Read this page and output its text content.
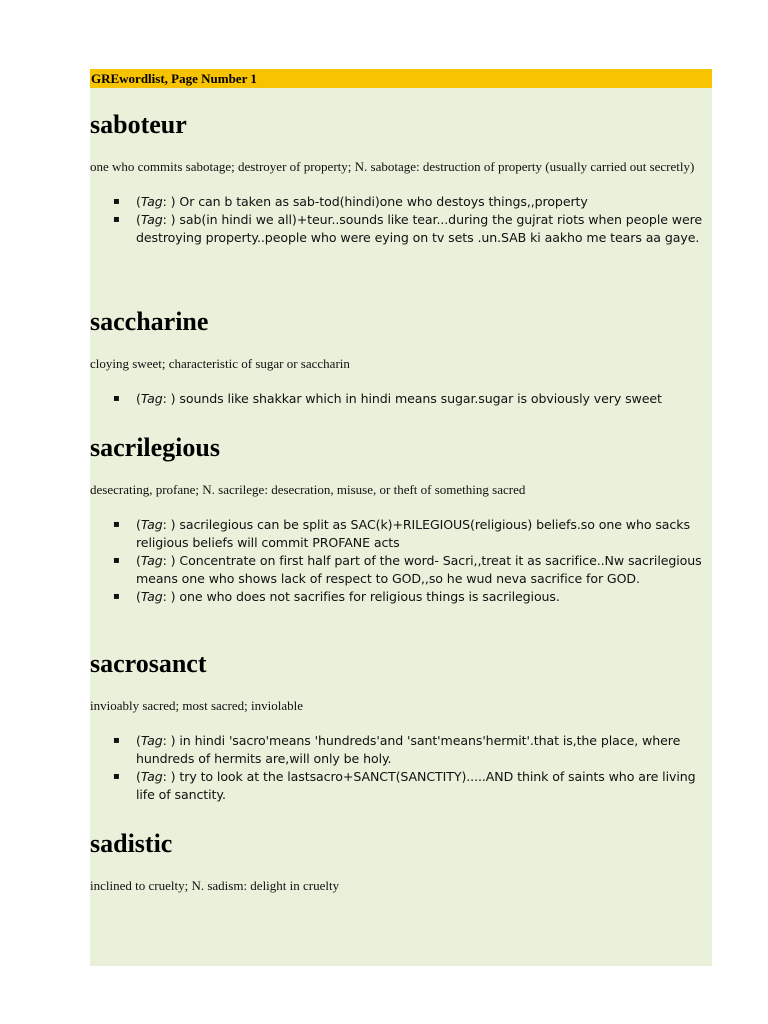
GREwordlist, Page Number 1
saboteur

one who commits sabotage; destroyer of property; N. sabotage: destruction of property (usually carried out secretly)

▪ (Tag: ) Or can b taken as sab-tod(hindi)one who destoys things,,property
▪ (Tag: ) sab(in hindi we all)+teur..sounds like tear...during the gujrat riots when people were destroying property..people who were eying on tv sets .un.SAB ki aakho me tears aa gaye.
saccharine

cloying sweet; characteristic of sugar or saccharin

▪ (Tag: ) sounds like shakkar which in hindi means sugar.sugar is obviously very sweet
sacrilegious

desecrating, profane; N. sacrilege: desecration, misuse, or theft of something sacred

▪ (Tag: ) sacrilegious can be split as SAC(k)+RILEGIOUS(religious) beliefs.so one who sacks religious beliefs will commit PROFANE acts
▪ (Tag: ) Concentrate on first half part of the word- Sacri,,treat it as sacrifice..Nw sacrilegious means one who shows lack of respect to GOD,,so he wud neva sacrifice for GOD.
▪ (Tag: ) one who does not sacrifies for religious things is sacrilegious.
sacrosanct

invioably sacred; most sacred; inviolable

▪ (Tag: ) in hindi 'sacro'means 'hundreds'and 'sant'means'hermit'.that is,the place, where hundreds of hermits are,will only be holy.
▪ (Tag: ) try to look at the lastsacro+SANCT(SANCTITY).....AND think of saints who are living life of sanctity.
sadistic

inclined to cruelty; N. sadism: delight in cruelty
